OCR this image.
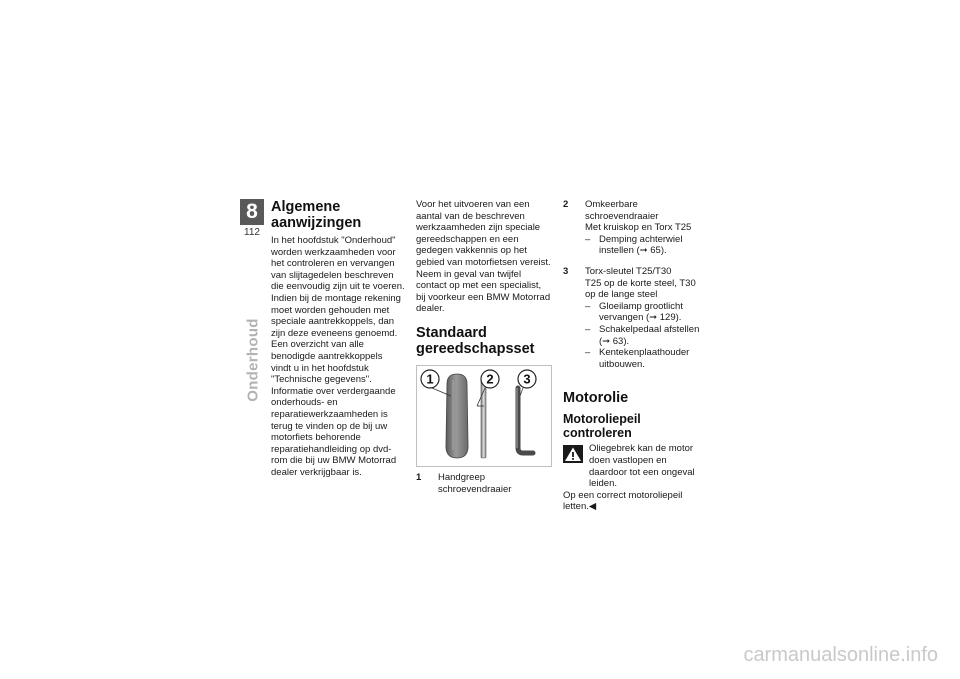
8
112
Onderhoud
Algemene aanwijzingen

In het hoofdstuk "Onderhoud" worden werkzaamheden voor het controleren en vervangen van slijtagedelen beschreven die eenvoudig zijn uit te voeren. Indien bij de montage rekening moet worden gehouden met speciale aantrekkoppels, dan zijn deze eveneens genoemd. Een overzicht van alle benodigde aantrekkoppels vindt u in het hoofdstuk "Technische gegevens". Informatie over verdergaande onderhouds- en reparatiewerkzaamheden is terug te vinden op de bij uw motorfiets behorende reparatiehandleiding op dvd-rom die bij uw BMW Motorrad dealer verkrijgbaar is.

Voor het uitvoeren van een aantal van de beschreven werkzaamheden zijn speciale gereedschappen en een gedegen vakkennis op het gebied van motorfietsen vereist. Neem in geval van twijfel contact op met een specialist, bij voorkeur een BMW Motorrad dealer.

Standaard gereedschapsset
1	2 3
1	Handgreep schroevendraaier
2	Omkeerbare schroevendraaier

Met kruiskop en Torx T25

– Demping achterwiel instellen (➞ 65).
3	Torx-sleutel T25/T30

T25 op de korte steel, T30 op de lange steel

– Gloeilamp grootlicht vervangen (➞ 129).
– Schakelpedaal afstellen (➞ 63).
– Kentekenplaathouder uitbouwen.
Motorolie
Motoroliepeil controleren

Oliegebrek kan de motor doen vastlopen en daardoor tot een ongeval leiden.

Op een correct motoroliepeil letten.◀

carmanualsonline.info
